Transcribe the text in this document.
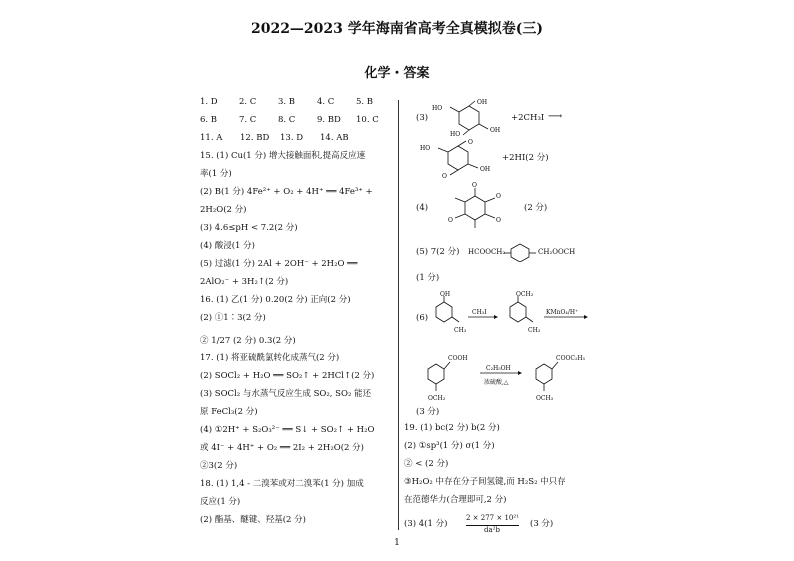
2022—2023 学年海南省高考全真模拟卷(三)
化学・答案
1. D	2. C	3. B	4. C	5. B
6. B	7. C	8. C	9. BD	10. C
11. A	12. BD	13. D	14. AB
15. (1) Cu(1 分) 增大接触面积,提高反应速
率(1 分)
(2) B(1 分) 4Fe²⁺ + O₂ + 4H⁺ ══ 4Fe³⁺ +
2H₂O(2 分)
(3) 4.6≤pH < 7.2(2 分)
(4) 酸浸(1 分)
(5) 过滤(1 分) 2Al + 2OH⁻ + 2H₂O ══
2AlO₂⁻ + 3H₂↑(2 分)
16. (1) 乙(1 分) 0.20(2 分) 正向(2 分)
(2) ①1∶3(2 分)
② 1/27 (2 分) 0.3(2 分)
17. (1) 将亚硫酰氯转化成蒸气(2 分)
(2) SOCl₂ + H₂O ══ SO₂↑ + 2HCl↑(2 分)
(3) SOCl₂ 与水蒸气反应生成 SO₂, SO₂ 能还
原 FeCl₃(2 分)
(4) ①2H⁺ + S₂O₃²⁻ ══ S↓ + SO₂↑ + H₂O
或 4I⁻ + 4H⁺ + O₂ ══ 2I₂ + 2H₂O(2 分)
②3(2 分)
18. (1) 1,4 - 二溴苯或对二溴苯(1 分) 加成
反应(1 分)
(2) 酯基、醚键、羟基(2 分)
(3)
HO
OH
HO
OH
+2CH₃I ⟶
HO
O
O
OH
+2HI(2 分)
(4)
O
O
O	O
(2 分)
(5) 7(2 分) HCOOCH₂	CH₂OOCH
(1 分)
(6)
OH
CH₃
CH₃I
OCH₃
CH₃
KMnO₄/H⁺
COOH
OCH₃
C₂H₅OH
浓硫酸,△
COOC₂H₅
OCH₃
(3 分)
19. (1) bc(2 分) b(2 分)
(2) ①sp³(1 分) σ(1 分)
② < (2 分)
③H₂O₂ 中存在分子间氢键,而 H₂S₂ 中只存
在范德华力(合理即可,2 分)
(3) 4(1 分)
2 × 277 × 10²¹
da²b
(3 分)
1
